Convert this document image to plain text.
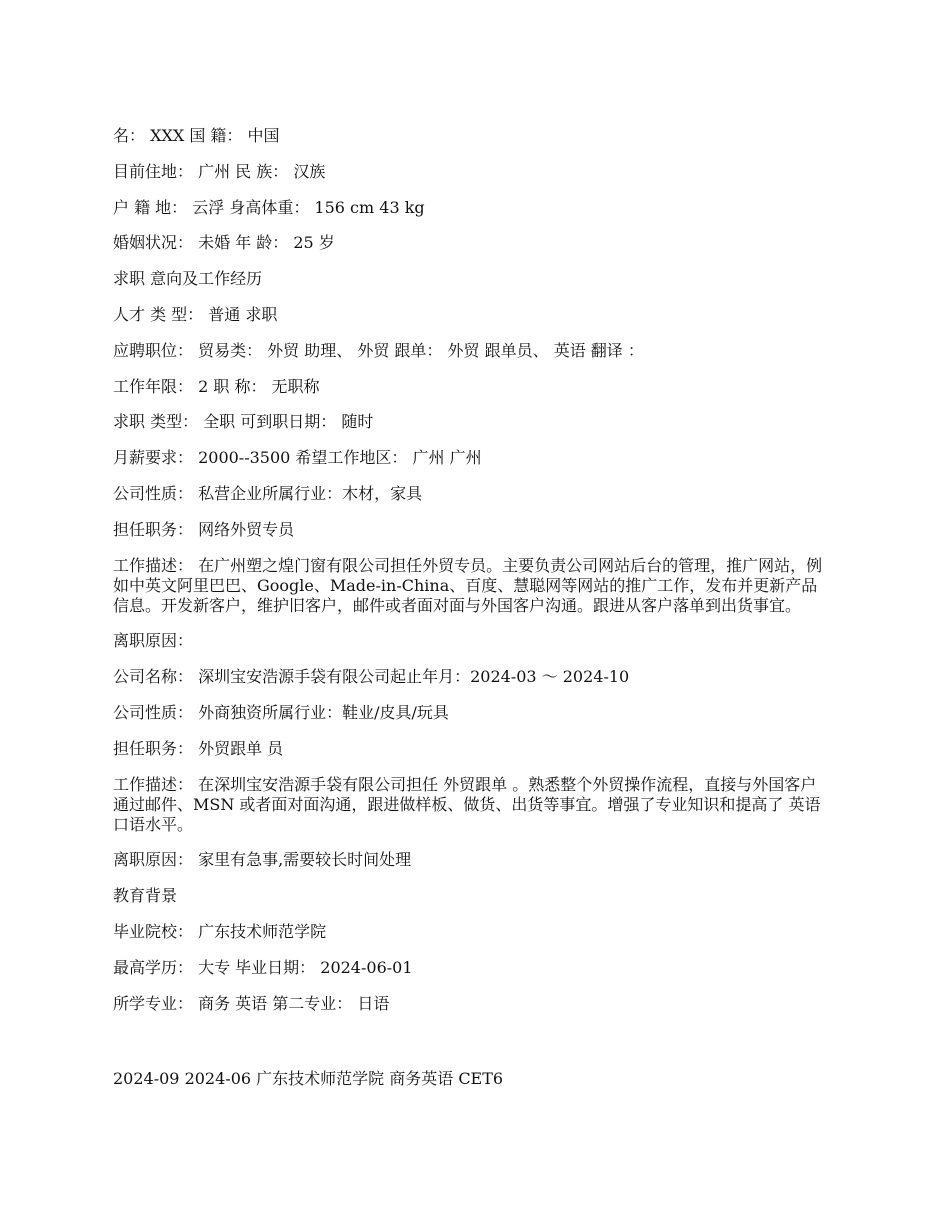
名： XXX 国 籍： 中国
目前住地： 广州 民 族： 汉族
户 籍 地： 云浮 身高体重： 156 cm 43 kg
婚姻状况： 未婚 年 龄： 25 岁
求职 意向及工作经历
人才 类 型： 普通 求职
应聘职位： 贸易类： 外贸 助理、 外贸 跟单： 外贸 跟单员、 英语 翻译 ：
工作年限： 2 职 称： 无职称
求职 类型： 全职 可到职日期： 随时
月薪要求： 2000--3500 希望工作地区： 广州 广州
公司性质： 私营企业所属行业：木材，家具
担任职务： 网络外贸专员
工作描述： 在广州塑之煌门窗有限公司担任外贸专员。主要负责公司网站后台的管理，推广网站，例如中英文阿里巴巴、Google、Made-in-China、百度、慧聪网等网站的推广工作，发布并更新产品信息。开发新客户，维护旧客户，邮件或者面对面与外国客户沟通。跟进从客户落单到出货事宜。
离职原因：
公司名称： 深圳宝安浩源手袋有限公司起止年月：2024-03 ～ 2024-10
公司性质： 外商独资所属行业：鞋业/皮具/玩具
担任职务： 外贸跟单 员
工作描述： 在深圳宝安浩源手袋有限公司担任 外贸跟单 。熟悉整个外贸操作流程，直接与外国客户通过邮件、MSN 或者面对面沟通，跟进做样板、做货、出货等事宜。增强了专业知识和提高了 英语 口语水平。
离职原因： 家里有急事,需要较长时间处理
教育背景
毕业院校： 广东技术师范学院
最高学历： 大专 毕业日期： 2024-06-01
所学专业： 商务 英语 第二专业： 日语
2024-09 2024-06 广东技术师范学院 商务英语 CET6
